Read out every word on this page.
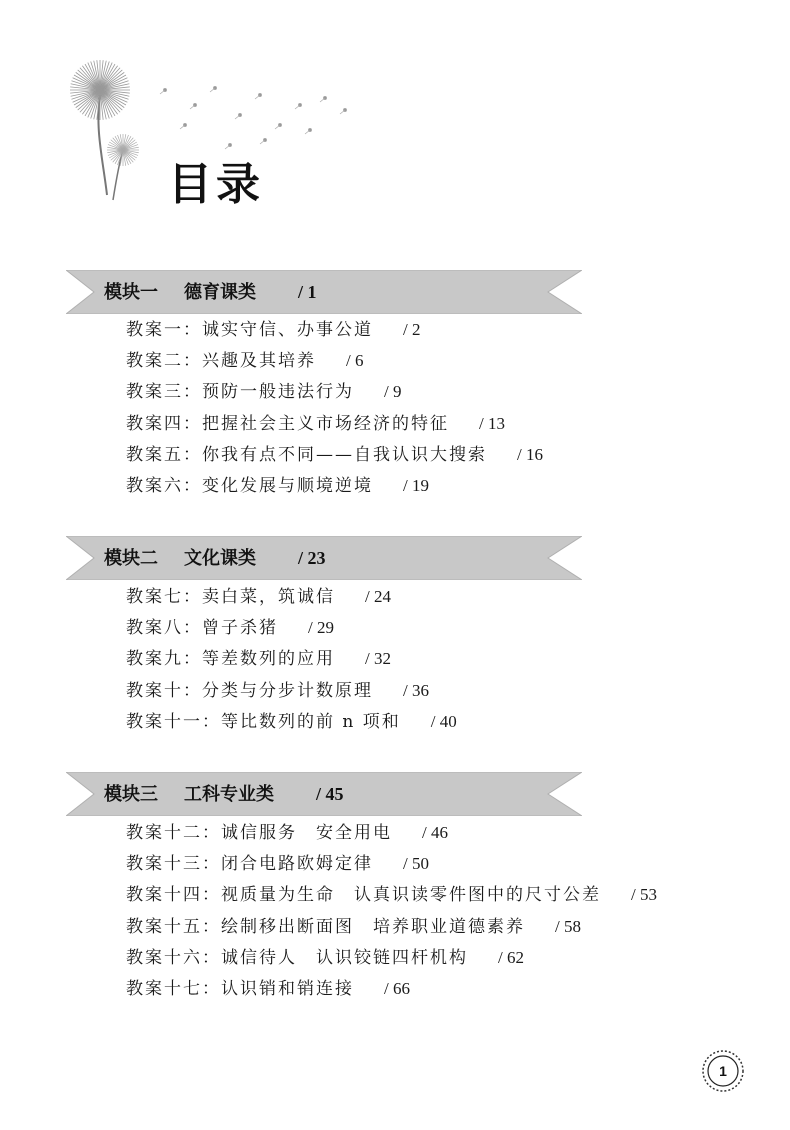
目录
模块一 德育课类 / 1
教案一：诚实守信、办事公道 / 2
教案二：兴趣及其培养 / 6
教案三：预防一般违法行为 / 9
教案四：把握社会主义市场经济的特征 / 13
教案五：你我有点不同——自我认识大搜索 / 16
教案六：变化发展与顺境逆境 / 19
模块二 文化课类 / 23
教案七：卖白菜，筑诚信 / 24
教案八：曾子杀猪 / 29
教案九：等差数列的应用 / 32
教案十：分类与分步计数原理 / 36
教案十一：等比数列的前 n 项和 / 40
模块三 工科专业类 / 45
教案十二：诚信服务　安全用电 / 46
教案十三：闭合电路欧姆定律 / 50
教案十四：视质量为生命　认真识读零件图中的尺寸公差 / 53
教案十五：绘制移出断面图　培养职业道德素养 / 58
教案十六：诚信待人　认识铰链四杆机构 / 62
教案十七：认识销和销连接 / 66
1
